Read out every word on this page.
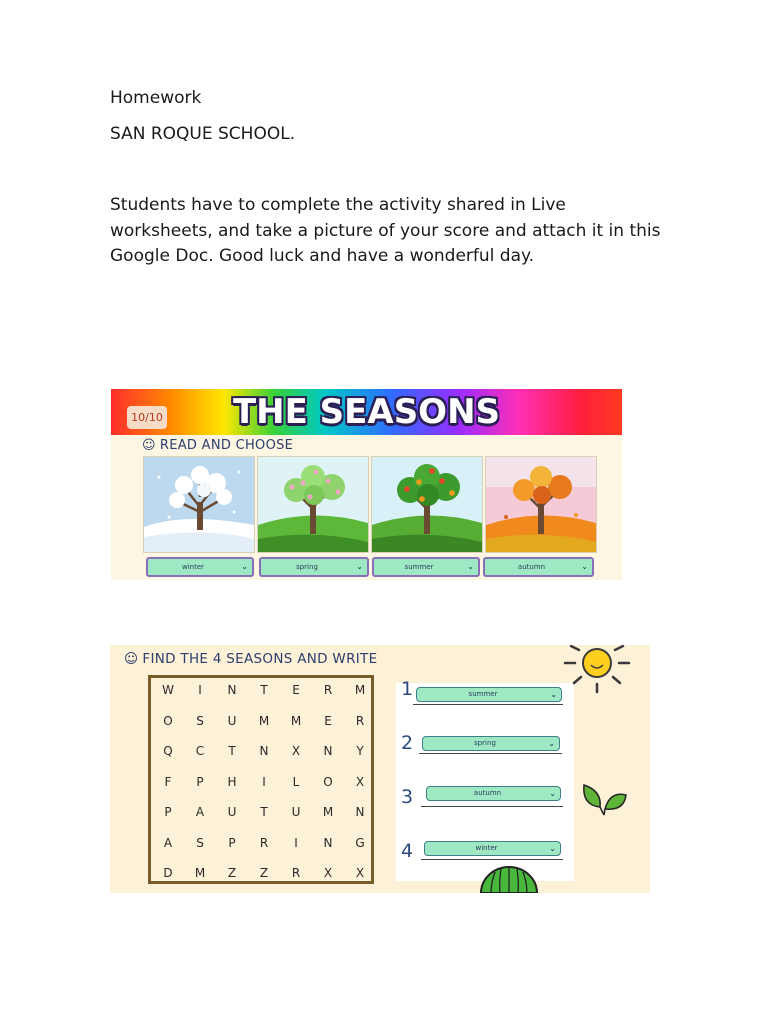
Homework
SAN ROQUE SCHOOL.
Students have to complete the activity shared in Live worksheets, and take a picture of your score and attach it in this Google Doc. Good luck and have a wonderful day.
10/10	THE SEASONS
☺ READ AND CHOOSE
winter	⌄	spring	⌄	summer	⌄	autumn	⌄
☺ FIND THE 4 SEASONS AND WRITE
W	I	N	T	E	R	M
O	S	U	M	M	E	R
Q	C	T	N	X	N	Y
F	P	H	I	L	O	X
P	A	U	T	U	M	N
A	S	P	R	I	N	G
D	M	Z	Z	R	X	X
1	summer	⌄
2	spring	⌄
3	autumn	⌄
4	winter	⌄
